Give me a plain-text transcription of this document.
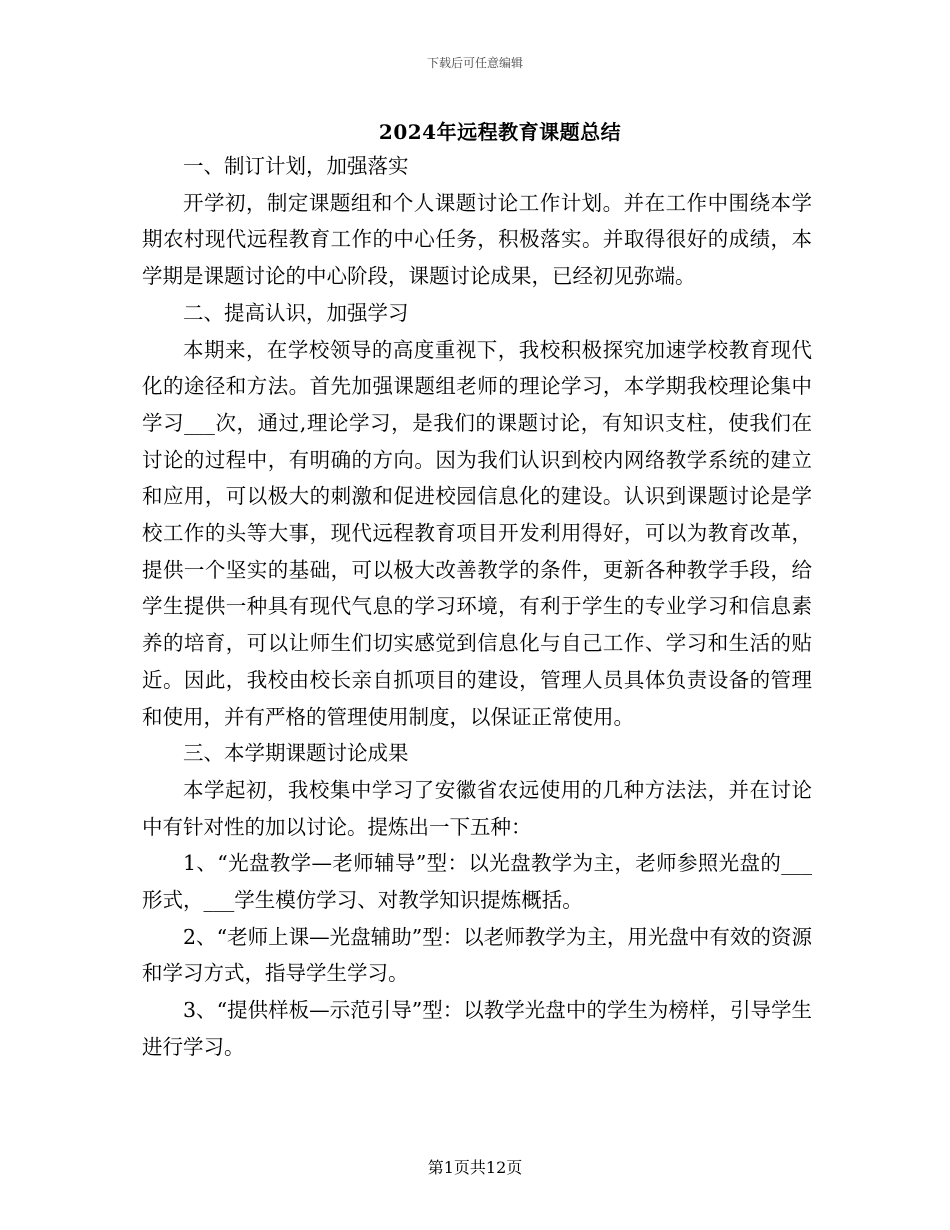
下载后可任意编辑
2024年远程教育课题总结

一、制订计划，加强落实

开学初，制定课题组和个人课题讨论工作计划。并在工作中围绕本学期农村现代远程教育工作的中心任务，积极落实。并取得很好的成绩，本学期是课题讨论的中心阶段，课题讨论成果，已经初见弥端。

二、提高认识，加强学习

本期来，在学校领导的高度重视下，我校积极探究加速学校教育现代化的途径和方法。首先加强课题组老师的理论学习，本学期我校理论集中学习___次，通过,理论学习，是我们的课题讨论，有知识支柱，使我们在讨论的过程中，有明确的方向。因为我们认识到校内网络教学系统的建立和应用，可以极大的刺激和促进校园信息化的建设。认识到课题讨论是学校工作的头等大事，现代远程教育项目开发利用得好，可以为教育改革，提供一个坚实的基础，可以极大改善教学的条件，更新各种教学手段，给学生提供一种具有现代气息的学习环境，有利于学生的专业学习和信息素养的培育，可以让师生们切实感觉到信息化与自己工作、学习和生活的贴近。因此，我校由校长亲自抓项目的建设，管理人员具体负责设备的管理和使用，并有严格的管理使用制度，以保证正常使用。

三、本学期课题讨论成果

本学起初，我校集中学习了安徽省农远使用的几种方法法，并在讨论中有针对性的加以讨论。提炼出一下五种：

1、“光盘教学—老师辅导”型：以光盘教学为主，老师参照光盘的___形式，___学生模仿学习、对教学知识提炼概括。

2、“老师上课—光盘辅助”型：以老师教学为主，用光盘中有效的资源和学习方式，指导学生学习。

3、“提供样板—示范引导”型：以教学光盘中的学生为榜样，引导学生进行学习。

第1页共12页
